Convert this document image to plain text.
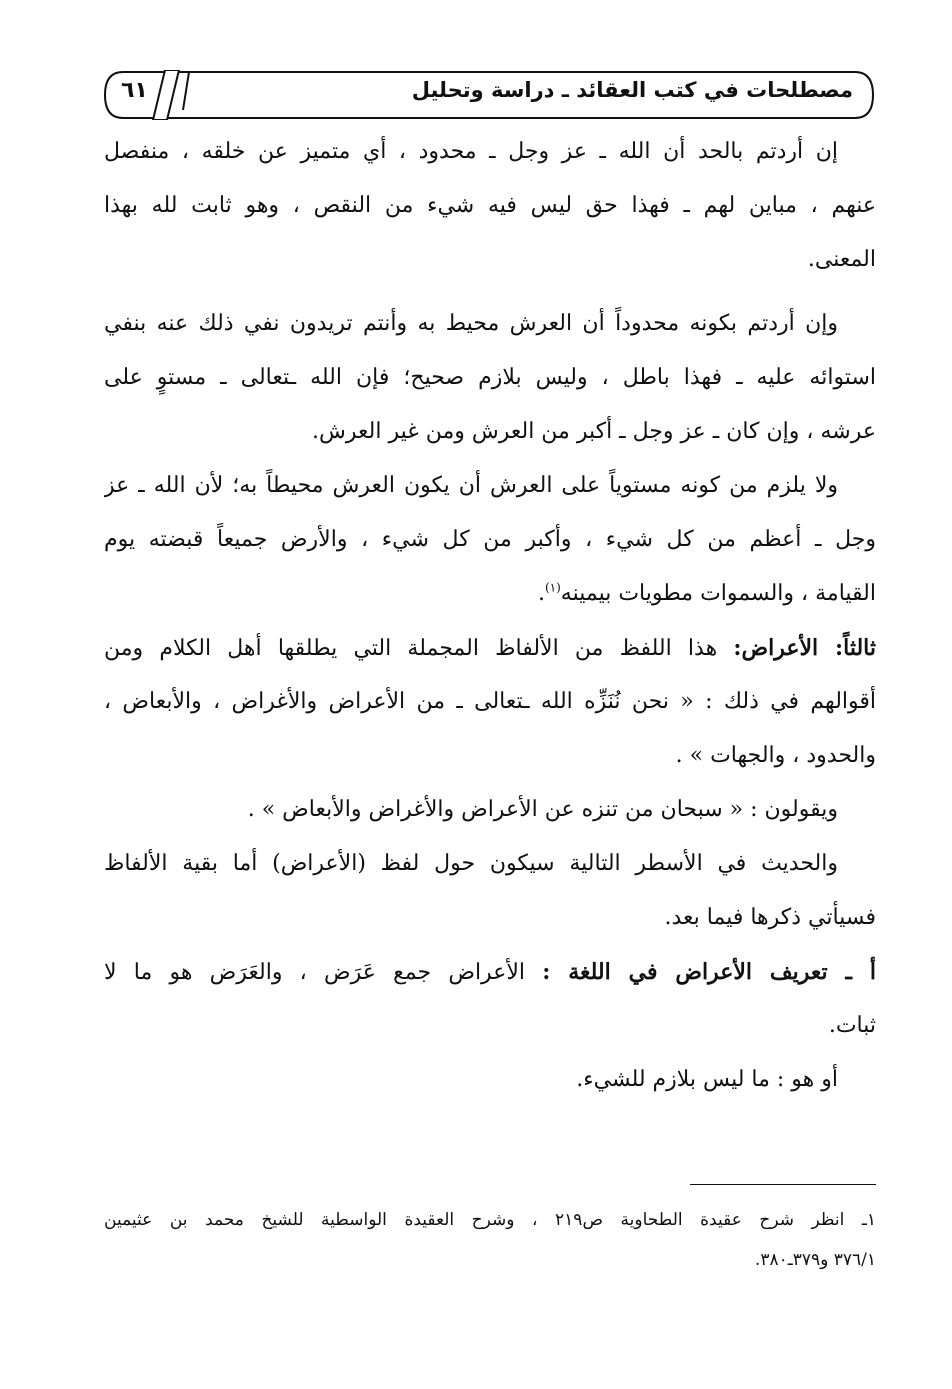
مصطلحات في كتب العقائد ـ دراسة وتحليل
٦١
إن أردتم بالحد أن الله ـ عز وجل ـ محدود ، أي متميز عن خلقه ، منفصل
عنهم ، مباين لهم ـ فهذا حق ليس فيه شيء من النقص ، وهو ثابت لله بهذا
المعنى.
وإن أردتم بكونه محدوداً أن العرش محيط به وأنتم تريدون نفي ذلك عنه بنفي
استوائه عليه ـ فهذا باطل ، وليس بلازم صحيح؛ فإن الله ـتعالى ـ مستوٍ على
عرشه ، وإن كان ـ عز وجل ـ أكبر من العرش ومن غير العرش.
ولا يلزم من كونه مستوياً على العرش أن يكون العرش محيطاً به؛ لأن الله ـ عز
وجل ـ أعظم من كل شيء ، وأكبر من كل شيء ، والأرض جميعاً قبضته يوم
القيامة ، والسموات مطويات بيمينه$^{(١)}$.
ثالثاً: الأعراض: هذا اللفظ من الألفاظ المجملة التي يطلقها أهل الكلام ومن
أقوالهم في ذلك : « نحن نُنَزِّه الله ـتعالى ـ من الأعراض والأغراض ، والأبعاض ،
والحدود ، والجهات » .
ويقولون : « سبحان من تنزه عن الأعراض والأغراض والأبعاض » .
والحديث في الأسطر التالية سيكون حول لفظ (الأعراض) أما بقية الألفاظ
فسيأتي ذكرها فيما بعد.
أ ـ تعريف الأعراض في اللغة : الأعراض جمع عَرَض ، والعَرَض هو ما لا
ثبات.
أو هو : ما ليس بلازم للشيء.
١ـ انظر شرح عقيدة الطحاوية ص٢١٩ ، وشرح العقيدة الواسطية للشيخ محمد بن عثيمين
٣٧٦/١ و٣٧٩ـ٣٨٠.
